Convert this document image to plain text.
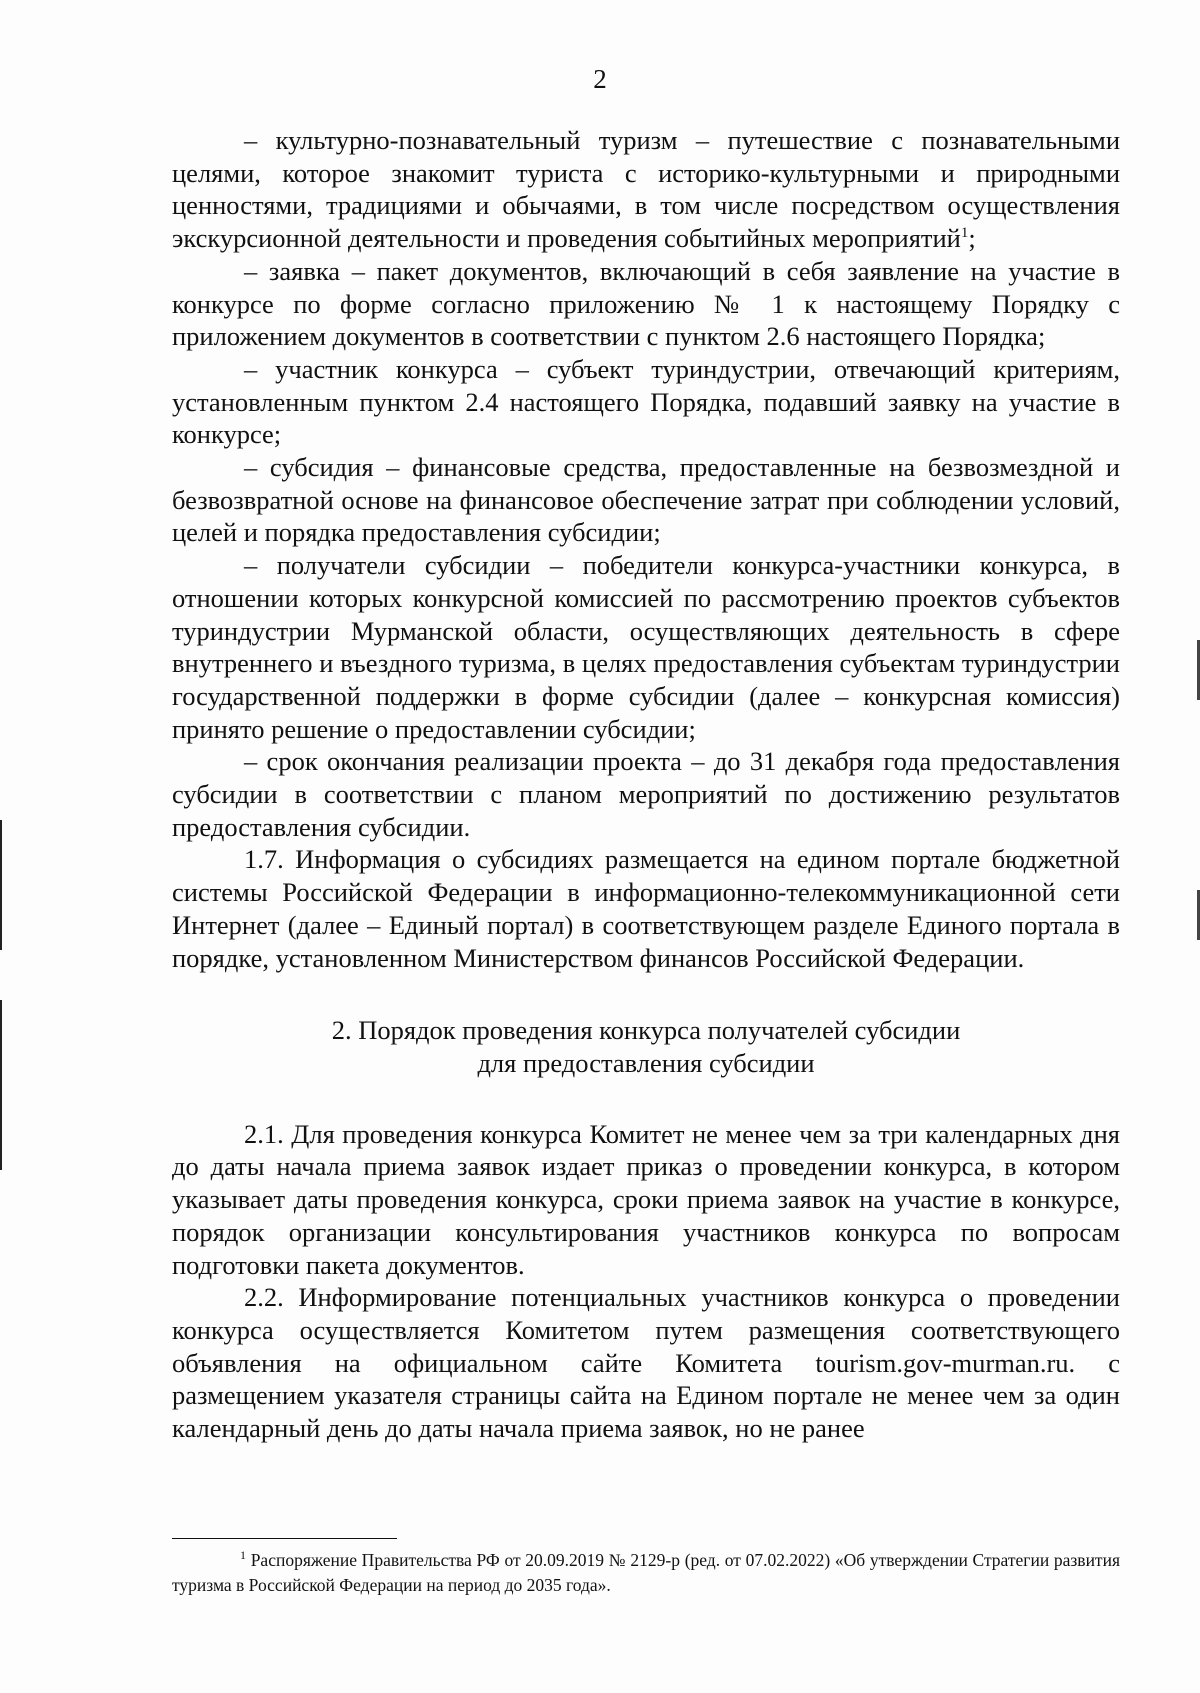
2

– культурно-познавательный туризм – путешествие с познавательными целями, которое знакомит туриста с историко-культурными и природными ценностями, традициями и обычаями, в том числе посредством осуществления экскурсионной деятельности и проведения событийных мероприятий$^1$;

– заявка – пакет документов, включающий в себя заявление на участие в конкурсе по форме согласно приложению № 1 к настоящему Порядку с приложением документов в соответствии с пунктом 2.6 настоящего Порядка;

– участник конкурса – субъект туриндустрии, отвечающий критериям, установленным пунктом 2.4 настоящего Порядка, подавший заявку на участие в конкурсе;

– субсидия – финансовые средства, предоставленные на безвозмездной и безвозвратной основе на финансовое обеспечение затрат при соблюдении условий, целей и порядка предоставления субсидии;

– получатели субсидии – победители конкурса-участники конкурса, в отношении которых конкурсной комиссией по рассмотрению проектов субъектов туриндустрии Мурманской области, осуществляющих деятельность в сфере внутреннего и въездного туризма, в целях предоставления субъектам туриндустрии государственной поддержки в форме субсидии (далее – конкурсная комиссия) принято решение о предоставлении субсидии;

– срок окончания реализации проекта – до 31 декабря года предоставления субсидии в соответствии с планом мероприятий по достижению результатов предоставления субсидии.

1.7. Информация о субсидиях размещается на едином портале бюджетной системы Российской Федерации в информационно-телекоммуникационной сети Интернет (далее – Единый портал) в соответствующем разделе Единого портала в порядке, установленном Министерством финансов Российской Федерации.

2. Порядок проведения конкурса получателей субсидии
для предоставления субсидии

2.1. Для проведения конкурса Комитет не менее чем за три календарных дня до даты начала приема заявок издает приказ о проведении конкурса, в котором указывает даты проведения конкурса, сроки приема заявок на участие в конкурсе, порядок организации консультирования участников конкурса по вопросам подготовки пакета документов.

2.2. Информирование потенциальных участников конкурса о проведении конкурса осуществляется Комитетом путем размещения соответствующего объявления на официальном сайте Комитета tourism.gov-murman.ru. с размещением указателя страницы сайта на Едином портале не менее чем за один календарный день до даты начала приема заявок, но не ранее

$^1$ Распоряжение Правительства РФ от 20.09.2019 № 2129-р (ред. от 07.02.2022) «Об утверждении Стратегии развития туризма в Российской Федерации на период до 2035 года».
